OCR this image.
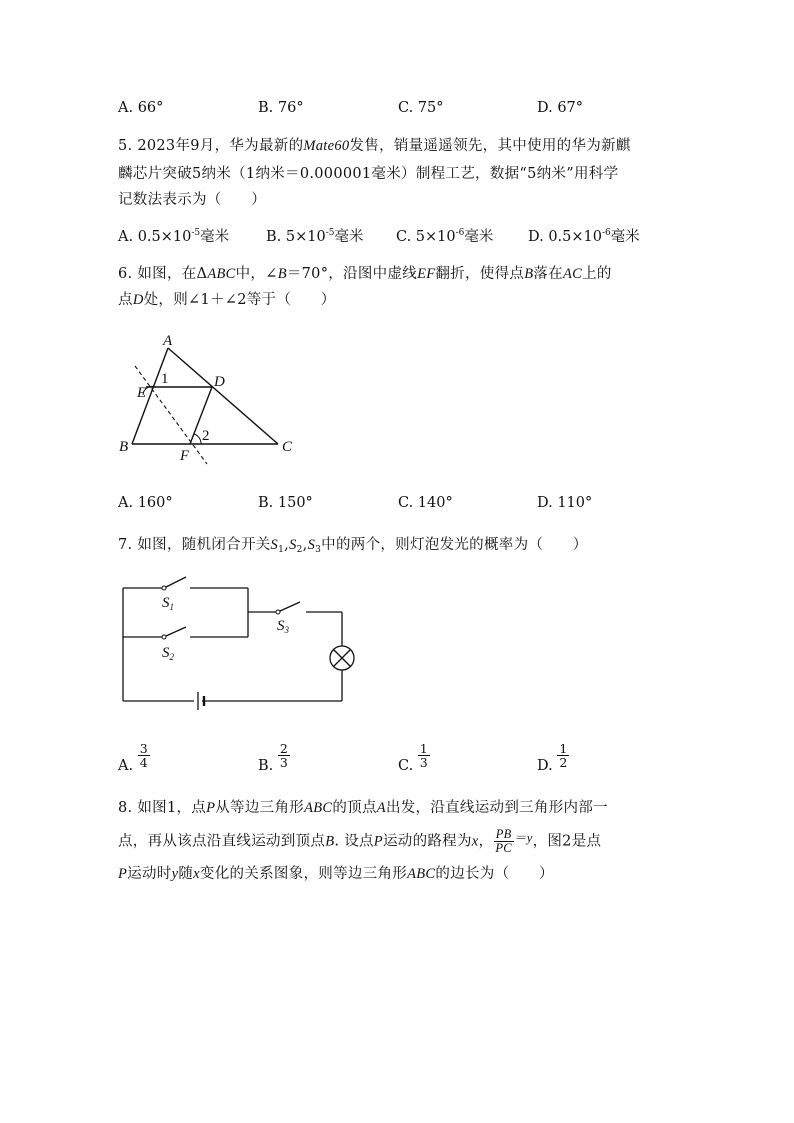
A. 66°	B. 76°	C. 75°	D. 67°
5. 2023年9月，华为最新的Mate60发售，销量遥遥领先，其中使用的华为新麒
麟芯片突破5纳米（1纳米＝0.000001毫米）制程工艺，数据“5纳米”用科学
记数法表示为（　　）
A. $0.5\times 10^{-5}$毫米	B. $5\times 10^{-5}$毫米 C. $5\times 10^{-6}$毫米 D. $0.5\times 10^{-6}$毫米
6. 如图，在ΔABC中，∠B＝70°，沿图中虚线EF翻折，使得点B落在AC上的
点D处，则∠1＋∠2等于（　　）
A
B	C
D
E
F
1
2
A. 160°	B. 150°	C. 140°	D. 110°
7. 如图，随机闭合开关$S_1,S_2,S_3$中的两个，则灯泡发光的概率为（　　）
$S_1$
$S_2$
$S_3$
A. $\frac{3}{4}$	B. $\frac{2}{3}$	C. $\frac{1}{3}$	D. $\frac{1}{2}$
8. 如图1，点P从等边三角形ABC的顶点A出发，沿直线运动到三角形内部一
点，再从该点沿直线运动到顶点B. 设点P运动的路程为x， $\frac{PB}{PC} =y$，图2是点
P运动时y随x变化的关系图象，则等边三角形ABC的边长为（　　）
